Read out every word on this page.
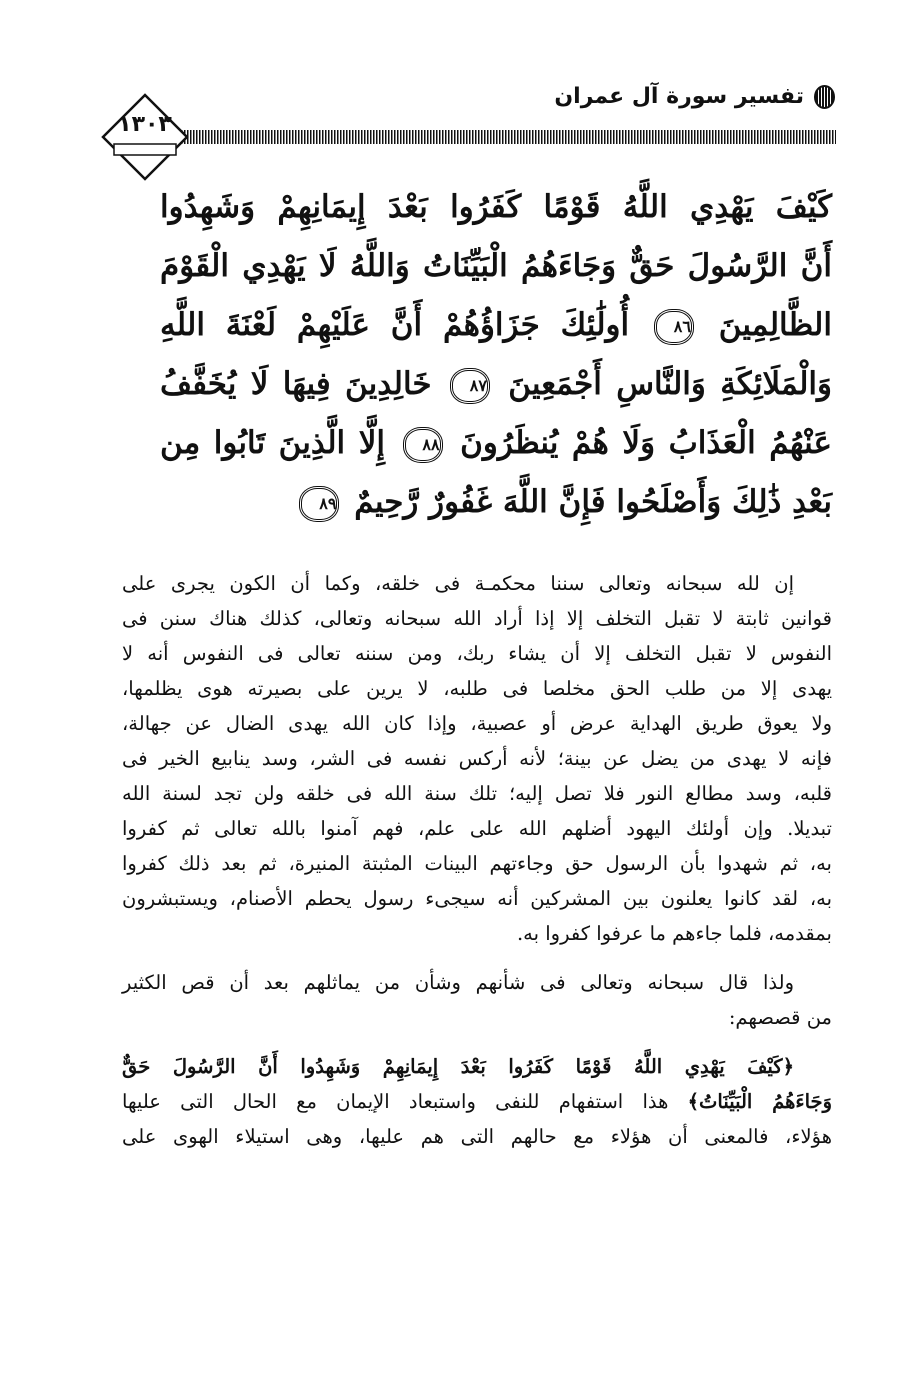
تفسير سورة آل عمران
١٣٠٣
كَيْفَ يَهْدِي اللَّهُ قَوْمًا كَفَرُوا بَعْدَ إِيمَانِهِمْ وَشَهِدُوا
أَنَّ الرَّسُولَ حَقٌّ وَجَاءَهُمُ الْبَيِّنَاتُ وَاللَّهُ لَا يَهْدِي الْقَوْمَ
الظَّالِمِينَ ٨٦ أُولَٰئِكَ جَزَاؤُهُمْ أَنَّ عَلَيْهِمْ لَعْنَةَ اللَّهِ
وَالْمَلَائِكَةِ وَالنَّاسِ أَجْمَعِينَ ٨٧ خَالِدِينَ فِيهَا لَا يُخَفَّفُ
عَنْهُمُ الْعَذَابُ وَلَا هُمْ يُنظَرُونَ ٨٨ إِلَّا الَّذِينَ تَابُوا مِن
بَعْدِ ذَٰلِكَ وَأَصْلَحُوا فَإِنَّ اللَّهَ غَفُورٌ رَّحِيمٌ ٨٩
إن لله سبحانه وتعالى سننا محكمـة فى خلقه، وكما أن الكون يجرى على
قوانين ثابتة لا تقبل التخلف إلا إذا أراد الله سبحانه وتعالى، كذلك هناك سنن فى
النفوس لا تقبل التخلف إلا أن يشاء ربك، ومن سننه تعالى فى النفوس أنه لا
يهدى إلا من طلب الحق مخلصا فى طلبه، لا يرين على بصيرته هوى يظلمها،
ولا يعوق طريق الهداية عرض أو عصبية، وإذا كان الله يهدى الضال عن جهالة،
فإنه لا يهدى من يضل عن بينة؛ لأنه أركس نفسه فى الشر، وسد ينابيع الخير فى
قلبه، وسد مطالع النور فلا تصل إليه؛ تلك سنة الله فى خلقه ولن تجد لسنة الله
تبديلا. وإن أولئك اليهود أضلهم الله على علم، فهم آمنوا بالله تعالى ثم كفروا
به، ثم شهدوا بأن الرسول حق وجاءتهم البينات المثبتة المنيرة، ثم بعد ذلك كفروا
به، لقد كانوا يعلنون بين المشركين أنه سيجىء رسول يحطم الأصنام، ويستبشرون
بمقدمه، فلما جاءهم ما عرفوا كفروا به.
ولذا قال سبحانه وتعالى فى شأنهم وشأن من يماثلهم بعد أن قص الكثير
من قصصهم:
﴿كَيْفَ يَهْدِي اللَّهُ قَوْمًا كَفَرُوا بَعْدَ إِيمَانِهِمْ وَشَهِدُوا أَنَّ الرَّسُولَ حَقٌّ
وَجَاءَهُمُ الْبَيِّنَاتُ﴾ هذا استفهام للنفى واستبعاد الإيمان مع الحال التى عليها
هؤلاء، فالمعنى أن هؤلاء مع حالهم التى هم عليها، وهى استيلاء الهوى على
